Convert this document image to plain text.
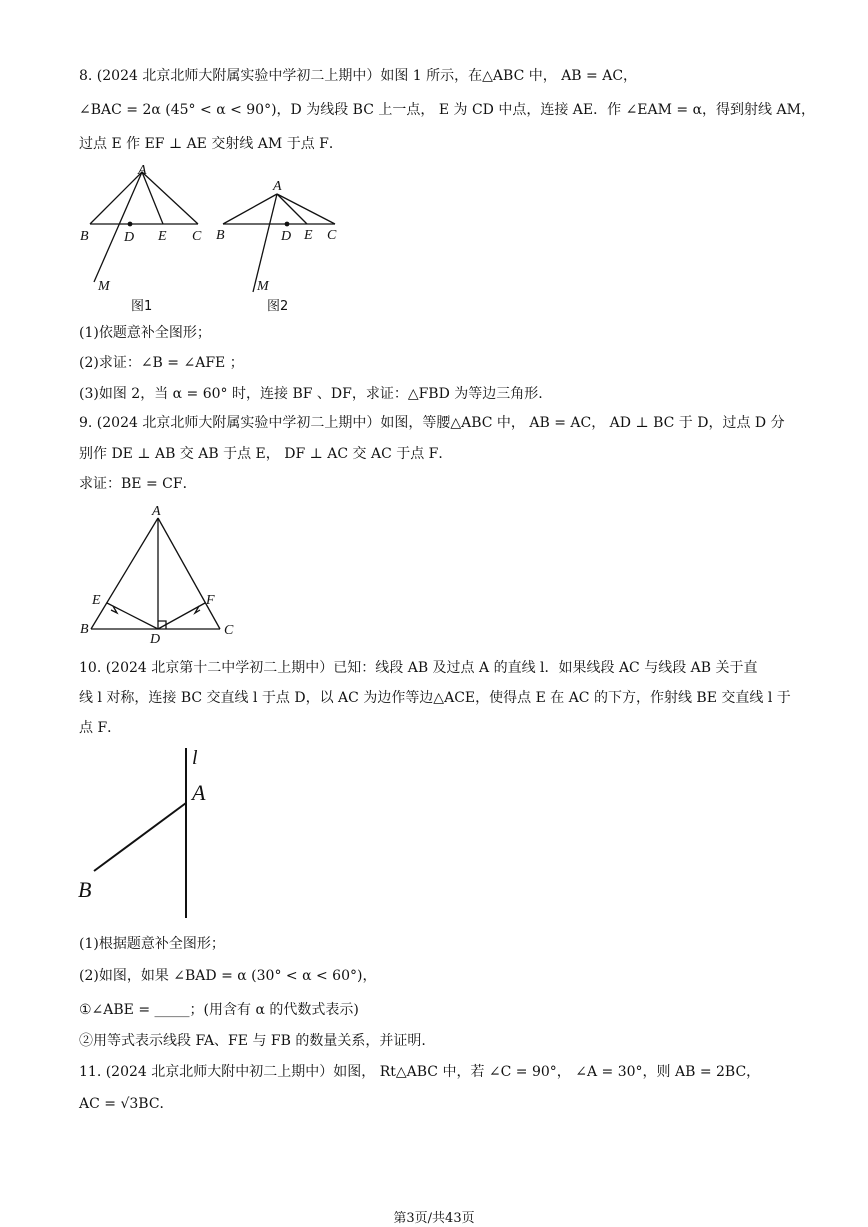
8. (2024 北京北师大附属实验中学初二上期中）如图 1 所示，在△ABC 中， AB = AC，
∠BAC = 2α (45° < α < 90°)，D 为线段 BC 上一点， E 为 CD 中点，连接 AE．作 ∠EAM = α，得到射线 AM，
过点 E 作 EF ⊥ AE 交射线 AM 于点 F．
A
B	D E C
M
图1
A
B	D E C
M
图2
(1)依题意补全图形；
(2)求证：∠B = ∠AFE ；
(3)如图 2，当 α = 60° 时，连接 BF 、DF，求证：△FBD 为等边三角形.
9. (2024 北京北师大附属实验中学初二上期中）如图，等腰△ABC 中， AB = AC， AD ⊥ BC 于 D，过点 D 分
别作 DE ⊥ AB 交 AB 于点 E， DF ⊥ AC 交 AC 于点 F．
求证：BE = CF．
A
E	F
B
D
C
10. (2024 北京第十二中学初二上期中）已知：线段 AB 及过点 A 的直线 l．如果线段 AC 与线段 AB 关于直
线 l 对称，连接 BC 交直线 l 于点 D，以 AC 为边作等边△ACE，使得点 E 在 AC 的下方，作射线 BE 交直线 l 于
点 F．
l
A
B
(1)根据题意补全图形；
(2)如图，如果 ∠BAD = α (30° < α < 60°)，
①∠ABE = _____；(用含有 α 的代数式表示)
②用等式表示线段 FA、FE 与 FB 的数量关系，并证明.
11. (2024 北京北师大附中初二上期中）如图， Rt△ABC 中，若 ∠C = 90°， ∠A = 30°，则 AB = 2BC，
AC = √3BC．
第3页/共43页
